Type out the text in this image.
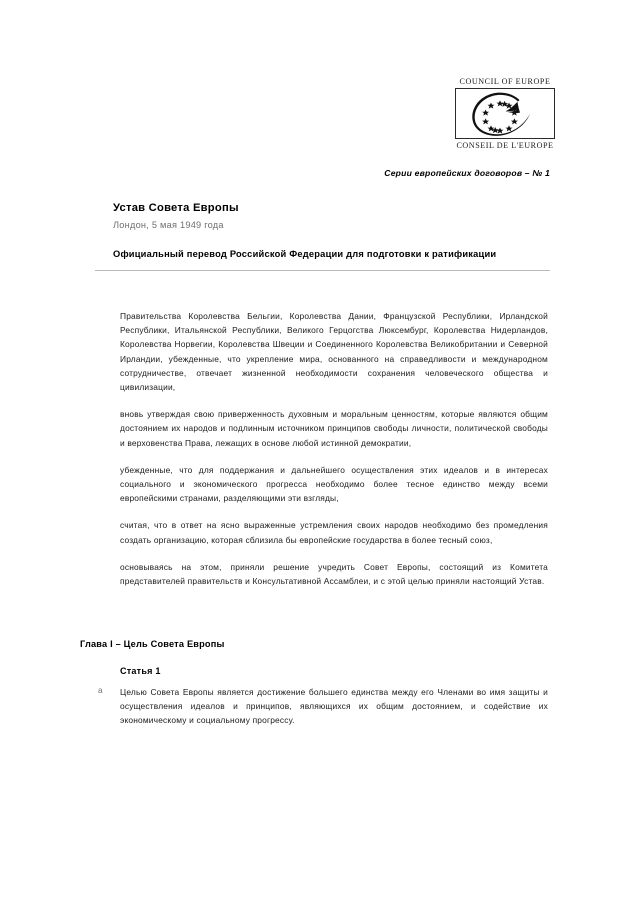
COUNCIL OF EUROPE
CONSEIL DE L'EUROPE
Серии европейских договоров – № 1
Устав Совета Европы
Лондон, 5 мая 1949 года
Официальный перевод Российской Федерации для подготовки к ратификации

Правительства Королевства Бельгии, Королевства Дании, Французской Республики, Ирландской Республики, Итальянской Республики, Великого Герцогства Люксембург, Королевства Нидерландов, Королевства Норвегии, Королевства Швеции и Соединенного Королевства Великобритании и Северной Ирландии, убежденные, что укрепление мира, основанного на справедливости и международном сотрудничестве, отвечает жизненной необходимости сохранения человеческого общества и цивилизации,

вновь утверждая свою приверженность духовным и моральным ценностям, которые являются общим достоянием их народов и подлинным источником принципов свободы личности, политической свободы и верховенства Права, лежащих в основе любой истинной демократии,

убежденные, что для поддержания и дальнейшего осуществления этих идеалов и в интересах социального и экономического прогресса необходимо более тесное единство между всеми европейскими странами, разделяющими эти взгляды,

считая, что в ответ на ясно выраженные устремления своих народов необходимо без промедления создать организацию, которая сблизила бы европейские государства в более тесный союз,

основываясь на этом, приняли решение учредить Совет Европы, состоящий из Комитета представителей правительств и Консультативной Ассамблеи, и с этой целью приняли настоящий Устав.

Глава I – Цель Совета Европы
Статья 1
а	Целью Совета Европы является достижение большего единства между его Членами во имя защиты и осуществления идеалов и принципов, являющихся их общим достоянием, и содействие их экономическому и социальному прогрессу.
